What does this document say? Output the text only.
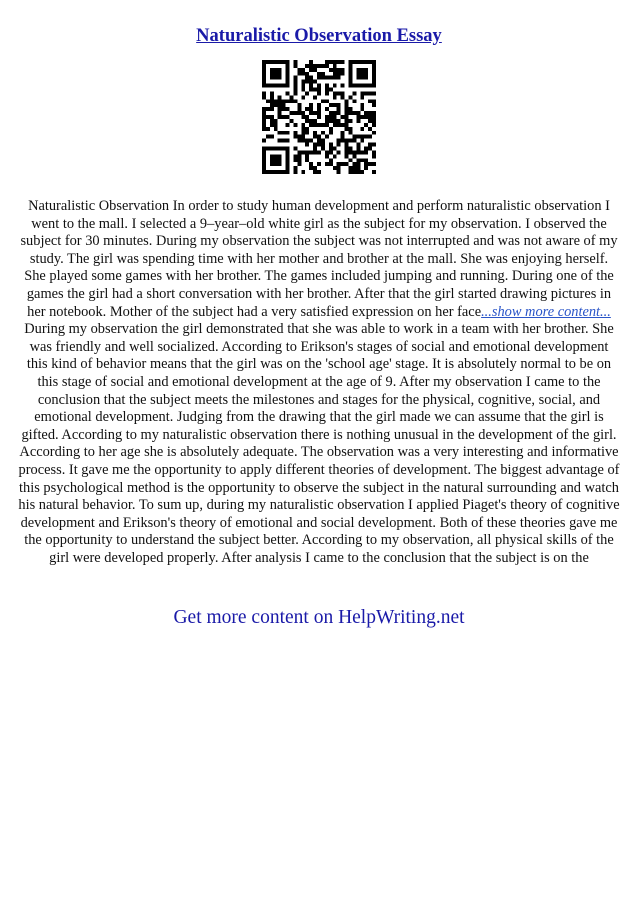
Naturalistic Observation Essay

Naturalistic Observation In order to study human development and perform naturalistic observation I went to the mall. I selected a 9–year–old white girl as the subject for my observation. I observed the subject for 30 minutes. During my observation the subject was not interrupted and was not aware of my study. The girl was spending time with her mother and brother at the mall. She was enjoying herself. She played some games with her brother. The games included jumping and running. During one of the games the girl had a short conversation with her brother. After that the girl started drawing pictures in her notebook. Mother of the subject had a very satisfied expression on her face...show more content...

During my observation the girl demonstrated that she was able to work in a team with her brother. She was friendly and well socialized. According to Erikson's stages of social and emotional development this kind of behavior means that the girl was on the 'school age' stage. It is absolutely normal to be on this stage of social and emotional development at the age of 9. After my observation I came to the conclusion that the subject meets the milestones and stages for the physical, cognitive, social, and emotional development. Judging from the drawing that the girl made we can assume that the girl is gifted. According to my naturalistic observation there is nothing unusual in the development of the girl. According to her age she is absolutely adequate. The observation was a very interesting and informative process. It gave me the opportunity to apply different theories of development. The biggest advantage of this psychological method is the opportunity to observe the subject in the natural surrounding and watch his natural behavior. To sum up, during my naturalistic observation I applied Piaget's theory of cognitive development and Erikson's theory of emotional and social development. Both of these theories gave me the opportunity to understand the subject better. According to my observation, all physical skills of the girl were developed properly. After analysis I came to the conclusion that the subject is on the

Get more content on HelpWriting.net
